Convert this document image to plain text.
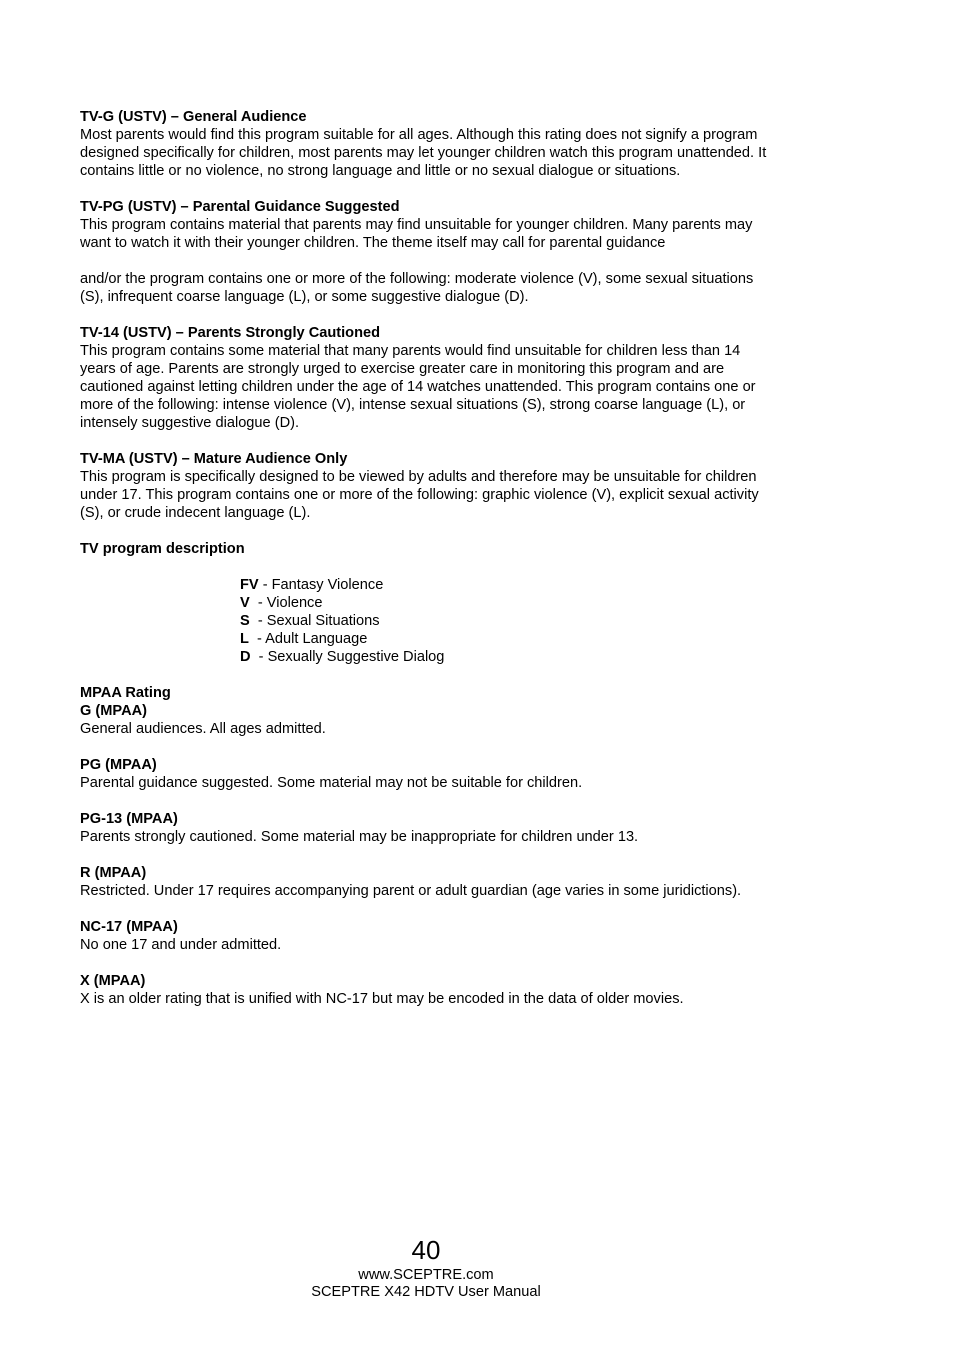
TV-G (USTV) – General Audience
Most parents would find this program suitable for all ages. Although this rating does not signify a program designed specifically for children, most parents may let younger children watch this program unattended. It contains little or no violence, no strong language and little or no sexual dialogue or situations.
TV-PG (USTV) – Parental Guidance Suggested
This program contains material that parents may find unsuitable for younger children. Many parents may want to watch it with their younger children. The theme itself may call for parental guidance
and/or the program contains one or more of the following: moderate violence (V), some sexual situations (S), infrequent coarse language (L), or some suggestive dialogue (D).
TV-14 (USTV) – Parents Strongly Cautioned
This program contains some material that many parents would find unsuitable for children less than 14 years of age. Parents are strongly urged to exercise greater care in monitoring this program and are cautioned against letting children under the age of 14 watches unattended. This program contains one or more of the following: intense violence (V), intense sexual situations (S), strong coarse language (L), or intensely suggestive dialogue (D).
TV-MA (USTV) – Mature Audience Only
This program is specifically designed to be viewed by adults and therefore may be unsuitable for children under 17. This program contains one or more of the following: graphic violence (V), explicit sexual activity (S), or crude indecent language (L).
TV program description
FV - Fantasy Violence
V  - Violence
S  - Sexual Situations
L  - Adult Language
D  - Sexually Suggestive Dialog
MPAA Rating
G (MPAA)
General audiences. All ages admitted.
PG (MPAA)
Parental guidance suggested. Some material may not be suitable for children.
PG-13 (MPAA)
Parents strongly cautioned. Some material may be inappropriate for children under 13.
R (MPAA)
Restricted. Under 17 requires accompanying parent or adult guardian (age varies in some juridictions).
NC-17 (MPAA)
No one 17 and under admitted.
X (MPAA)
X is an older rating that is unified with NC-17 but may be encoded in the data of older movies.
40
www.SCEPTRE.com
SCEPTRE X42 HDTV User Manual
